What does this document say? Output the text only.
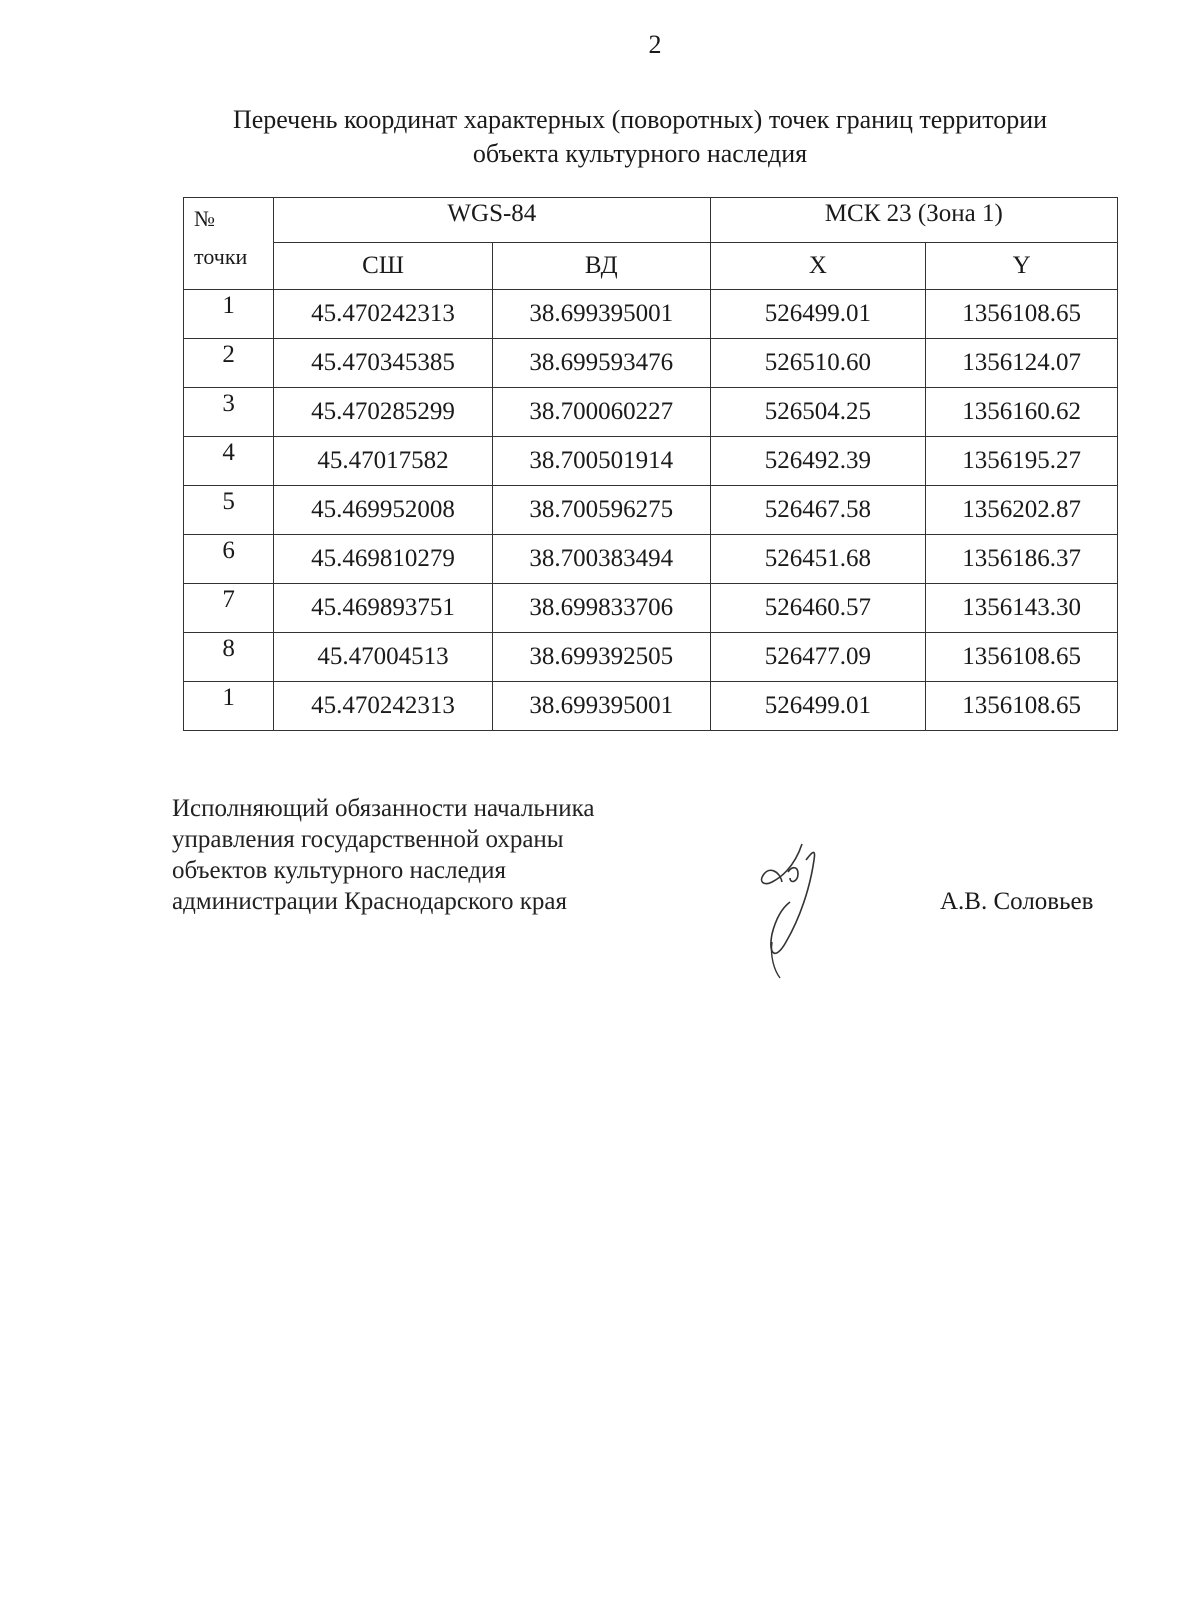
2
Перечень координат характерных (поворотных) точек границ территории
объекта культурного наследия
№
точки	WGS-84		МСК 23 (Зона 1)	
	СШ	ВД	X	Y
1	45.470242313	38.699395001	526499.01	1356108.65
2	45.470345385	38.699593476	526510.60	1356124.07
3	45.470285299	38.700060227	526504.25	1356160.62
4	45.47017582	38.700501914	526492.39	1356195.27
5	45.469952008	38.700596275	526467.58	1356202.87
6	45.469810279	38.700383494	526451.68	1356186.37
7	45.469893751	38.699833706	526460.57	1356143.30
8	45.47004513	38.699392505	526477.09	1356108.65
1	45.470242313	38.699395001	526499.01	1356108.65
Исполняющий обязанности начальника
управления государственной охраны
объектов культурного наследия
администрации Краснодарского края	А.В. Соловьев
